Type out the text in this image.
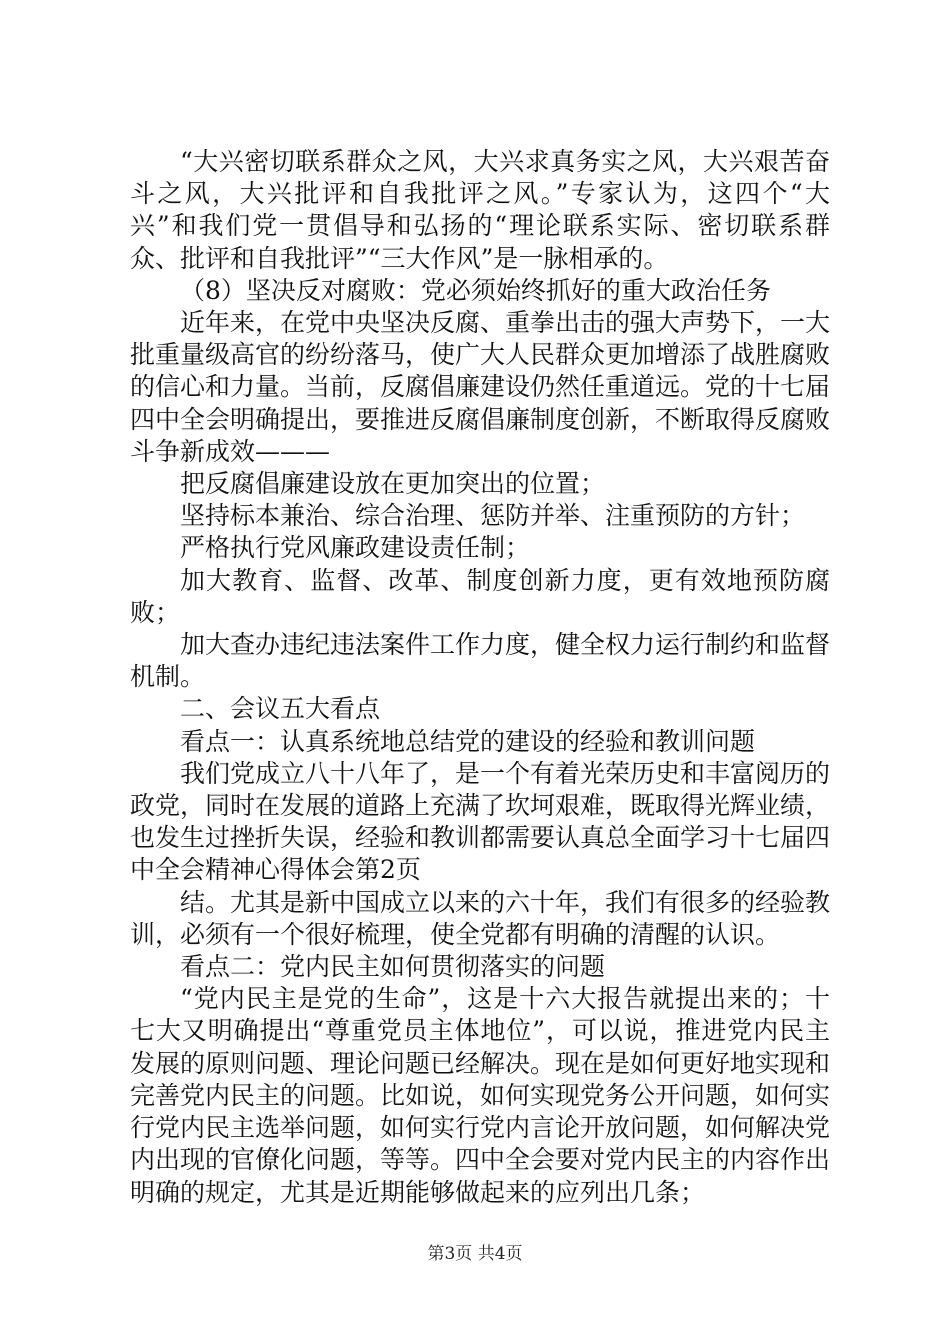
“大兴密切联系群众之风，大兴求真务实之风，大兴艰苦奋斗之风，大兴批评和自我批评之风。”专家认为，这四个“大兴”和我们党一贯倡导和弘扬的“理论联系实际、密切联系群众、批评和自我批评”“三大作风”是一脉相承的。

（8）坚决反对腐败：党必须始终抓好的重大政治任务

近年来，在党中央坚决反腐、重拳出击的强大声势下，一大批重量级高官的纷纷落马，使广大人民群众更加增添了战胜腐败的信心和力量。当前，反腐倡廉建设仍然任重道远。党的十七届四中全会明确提出，要推进反腐倡廉制度创新，不断取得反腐败斗争新成效———

把反腐倡廉建设放在更加突出的位置；

坚持标本兼治、综合治理、惩防并举、注重预防的方针；

严格执行党风廉政建设责任制；

加大教育、监督、改革、制度创新力度，更有效地预防腐败；

加大查办违纪违法案件工作力度，健全权力运行制约和监督机制。

二、会议五大看点

看点一：认真系统地总结党的建设的经验和教训问题

我们党成立八十八年了，是一个有着光荣历史和丰富阅历的政党，同时在发展的道路上充满了坎坷艰难，既取得光辉业绩，也发生过挫折失误，经验和教训都需要认真总全面学习十七届四中全会精神心得体会第2页

结。尤其是新中国成立以来的六十年，我们有很多的经验教训，必须有一个很好梳理，使全党都有明确的清醒的认识。

看点二：党内民主如何贯彻落实的问题

“党内民主是党的生命”，这是十六大报告就提出来的；十七大又明确提出“尊重党员主体地位”，可以说，推进党内民主发展的原则问题、理论问题已经解决。现在是如何更好地实现和完善党内民主的问题。比如说，如何实现党务公开问题，如何实行党内民主选举问题，如何实行党内言论开放问题，如何解决党内出现的官僚化问题，等等。四中全会要对党内民主的内容作出明确的规定，尤其是近期能够做起来的应列出几条；

第3页 共4页
